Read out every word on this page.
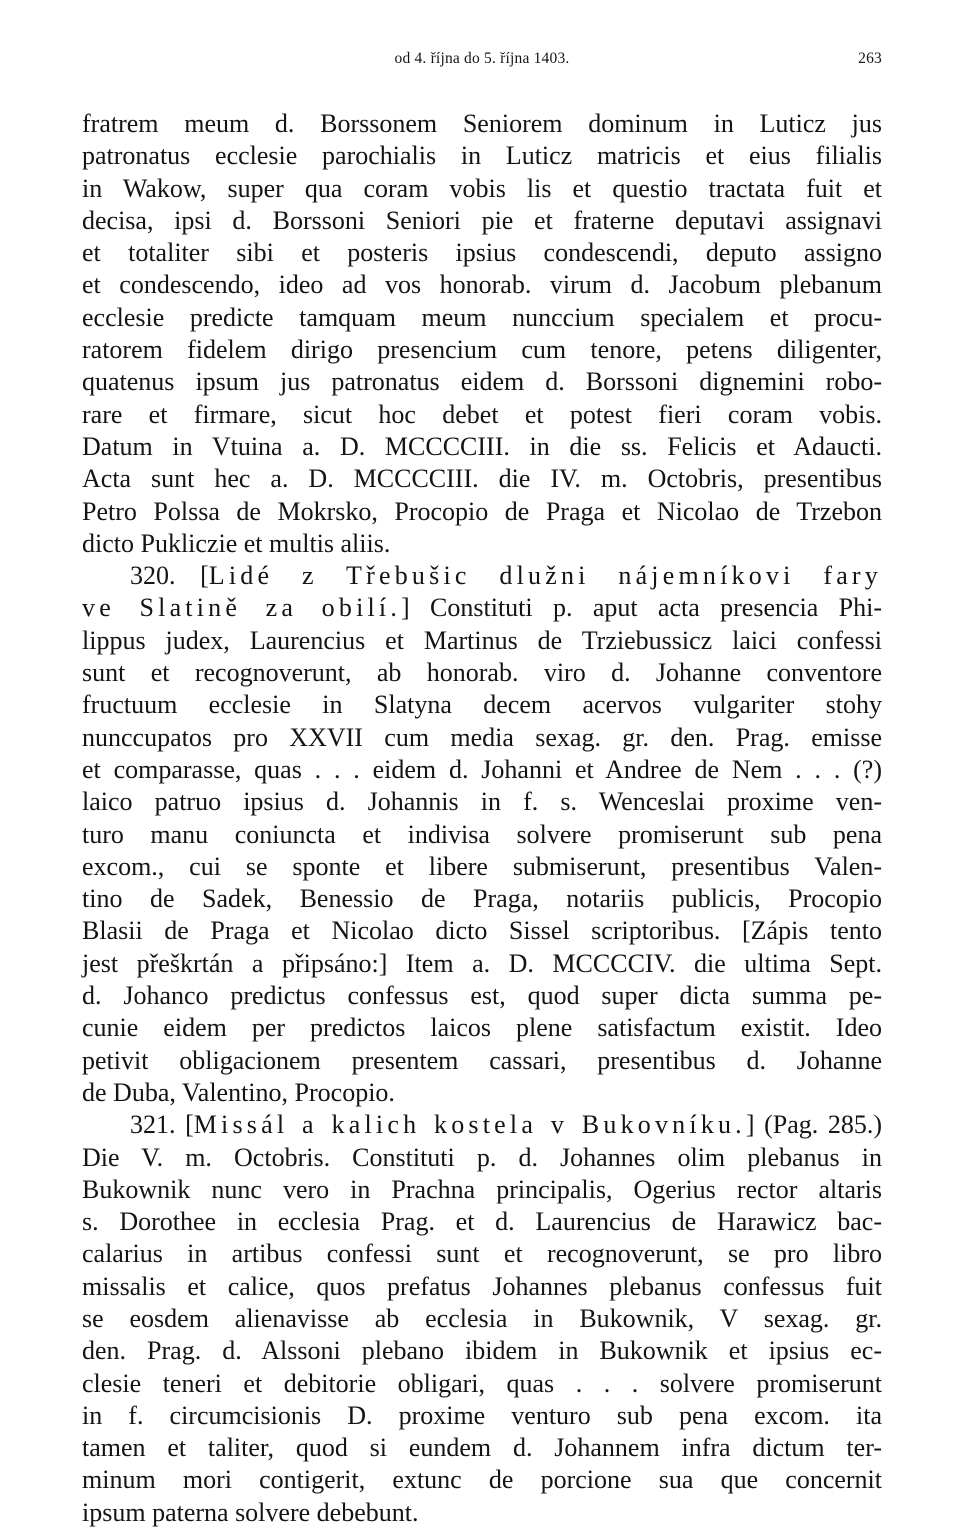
od 4. října do 5. října 1403.	263
fratrem meum d. Borssonem Seniorem dominum in Luticz jus
patronatus ecclesie parochialis in Luticz matricis et eius filialis
in Wakow, super qua coram vobis lis et questio tractata fuit et
decisa, ipsi d. Borssoni Seniori pie et fraterne deputavi assignavi
et totaliter sibi et posteris ipsius condescendi, deputo assigno
et condescendo, ideo ad vos honorab. virum d. Jacobum plebanum
ecclesie predicte tamquam meum nunccium specialem et procu-
ratorem fidelem dirigo presencium cum tenore, petens diligenter,
quatenus ipsum jus patronatus eidem d. Borssoni dignemini robo-
rare et firmare, sicut hoc debet et potest fieri coram vobis.
Datum in Vtuina a. D. MCCCCIII. in die ss. Felicis et Adaucti.
Acta sunt hec a. D. MCCCCIII. die IV. m. Octobris, presentibus
Petro Polssa de Mokrsko, Procopio de Praga et Nicolao de Trzebon
dicto Pukliczie et multis aliis.
320. [Lidé z Třebušic dlužni nájemníkovi fary
ve Slatině za obilí.] Constituti p. aput acta presencia Phi-
lippus judex, Laurencius et Martinus de Trziebussicz laici confessi
sunt et recognoverunt, ab honorab. viro d. Johanne conventore
fructuum ecclesie in Slatyna decem acervos vulgariter stohy
nunccupatos pro XXVII cum media sexag. gr. den. Prag. emisse
et comparasse, quas . . . eidem d. Johanni et Andree de Nem . . . (?)
laico patruo ipsius d. Johannis in f. s. Wenceslai proxime ven-
turo manu coniuncta et indivisa solvere promiserunt sub pena
excom., cui se sponte et libere submiserunt, presentibus Valen-
tino de Sadek, Benessio de Praga, notariis publicis, Procopio
Blasii de Praga et Nicolao dicto Sissel scriptoribus. [Zápis tento
jest přeškrtán a připsáno:] Item a. D. MCCCCIV. die ultima Sept.
d. Johanco predictus confessus est, quod super dicta summa pe-
cunie eidem per predictos laicos plene satisfactum existit. Ideo
petivit obligacionem presentem cassari, presentibus d. Johanne
de Duba, Valentino, Procopio.
321. [Missál a kalich kostela v Bukovníku.] (Pag. 285.)
Die V. m. Octobris. Constituti p. d. Johannes olim plebanus in
Bukownik nunc vero in Prachna principalis, Ogerius rector altaris
s. Dorothee in ecclesia Prag. et d. Laurencius de Harawicz bac-
calarius in artibus confessi sunt et recognoverunt, se pro libro
missalis et calice, quos prefatus Johannes plebanus confessus fuit
se eosdem alienavisse ab ecclesia in Bukownik, V sexag. gr.
den. Prag. d. Alssoni plebano ibidem in Bukownik et ipsius ec-
clesie teneri et debitorie obligari, quas . . . solvere promiserunt
in f. circumcisionis D. proxime venturo sub pena excom. ita
tamen et taliter, quod si eundem d. Johannem infra dictum ter-
minum mori contigerit, extunc de porcione sua que concernit
ipsum paterna solvere debebunt.
